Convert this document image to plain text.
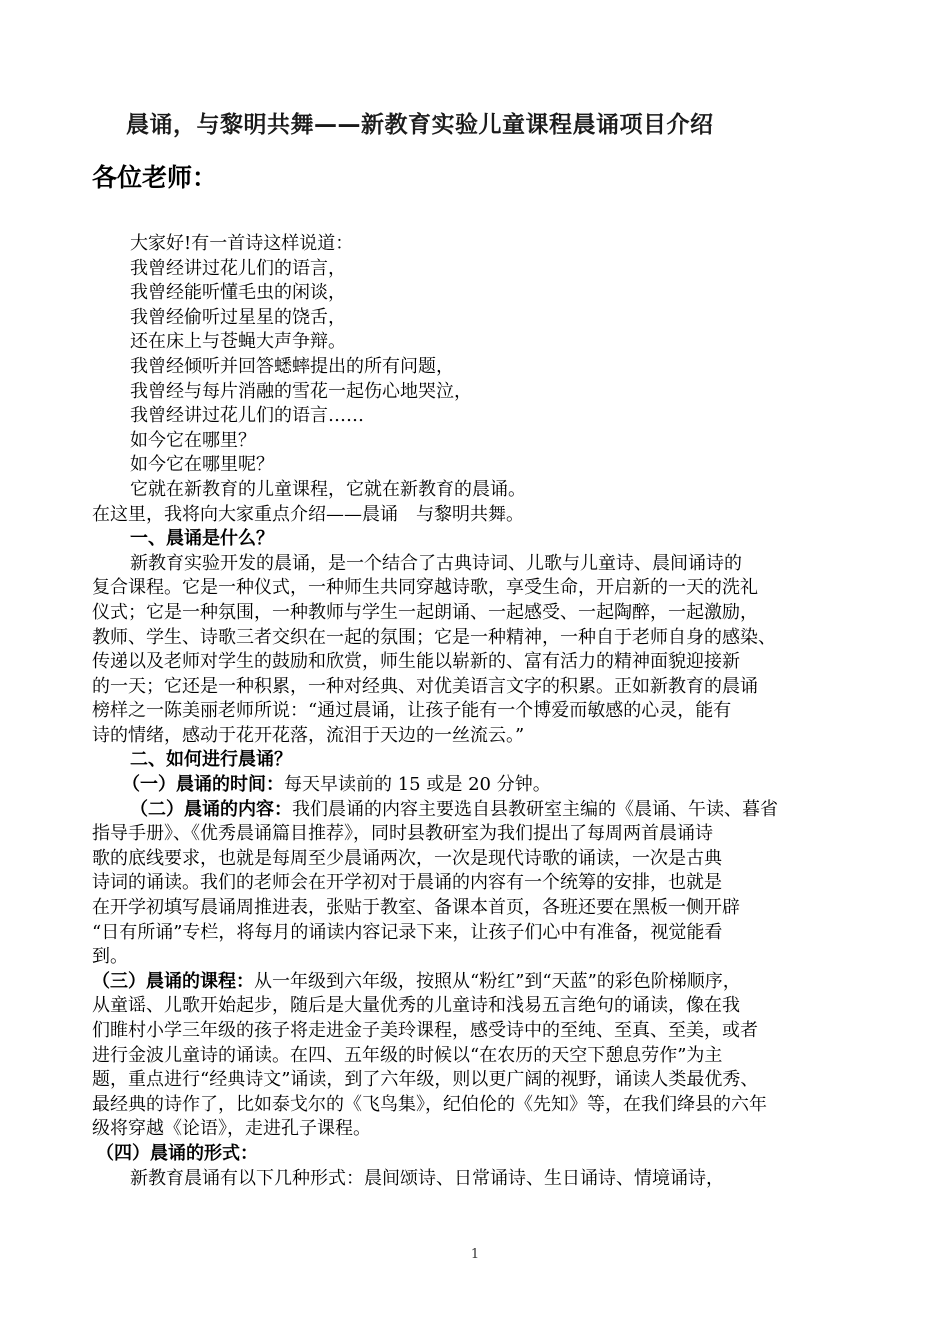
晨诵，与黎明共舞——新教育实验儿童课程晨诵项目介绍
各位老师：

大家好!有一首诗这样说道：

我曾经讲过花儿们的语言，

我曾经能听懂毛虫的闲谈，

我曾经偷听过星星的饶舌，

还在床上与苍蝇大声争辩。

我曾经倾听并回答蟋蟀提出的所有问题，

我曾经与每片消融的雪花一起伤心地哭泣，

我曾经讲过花儿们的语言……

如今它在哪里？

如今它在哪里呢？

它就在新教育的儿童课程，它就在新教育的晨诵。

在这里，我将向大家重点介绍——晨诵　与黎明共舞。

一、晨诵是什么？

新教育实验开发的晨诵，是一个结合了古典诗词、儿歌与儿童诗、晨间诵诗的

复合课程。它是一种仪式，一种师生共同穿越诗歌，享受生命，开启新的一天的洗礼

仪式；它是一种氛围，一种教师与学生一起朗诵、一起感受、一起陶醉，一起激励，

教师、学生、诗歌三者交织在一起的氛围；它是一种精神，一种自于老师自身的感染、

传递以及老师对学生的鼓励和欣赏，师生能以崭新的、富有活力的精神面貌迎接新

的一天；它还是一种积累，一种对经典、对优美语言文字的积累。正如新教育的晨诵

榜样之一陈美丽老师所说：“通过晨诵，让孩子能有一个博爱而敏感的心灵，能有

诗的情绪，感动于花开花落，流泪于天边的一丝流云。”

二、如何进行晨诵？

（一）晨诵的时间：每天早读前的 15 或是 20 分钟。

（二）晨诵的内容：我们晨诵的内容主要选自县教研室主编的《晨诵、午读、暮省

指导手册》、《优秀晨诵篇目推荐》，同时县教研室为我们提出了每周两首晨诵诗

歌的底线要求，也就是每周至少晨诵两次，一次是现代诗歌的诵读，一次是古典

诗词的诵读。我们的老师会在开学初对于晨诵的内容有一个统筹的安排，也就是

在开学初填写晨诵周推进表，张贴于教室、备课本首页，各班还要在黑板一侧开辟

“日有所诵”专栏，将每月的诵读内容记录下来，让孩子们心中有准备，视觉能看

到。

（三）晨诵的课程：从一年级到六年级，按照从“粉红”到“天蓝”的彩色阶梯顺序，

从童谣、儿歌开始起步，随后是大量优秀的儿童诗和浅易五言绝句的诵读，像在我

们睢村小学三年级的孩子将走进金子美玲课程，感受诗中的至纯、至真、至美，或者

进行金波儿童诗的诵读。在四、五年级的时候以“在农历的天空下憩息劳作”为主

题，重点进行“经典诗文”诵读，到了六年级，则以更广阔的视野，诵读人类最优秀、

最经典的诗作了，比如泰戈尔的《飞鸟集》，纪伯伦的《先知》等，在我们绛县的六年

级将穿越《论语》，走进孔子课程。

（四）晨诵的形式：

新教育晨诵有以下几种形式：晨间颂诗、日常诵诗、生日诵诗、情境诵诗，

1
